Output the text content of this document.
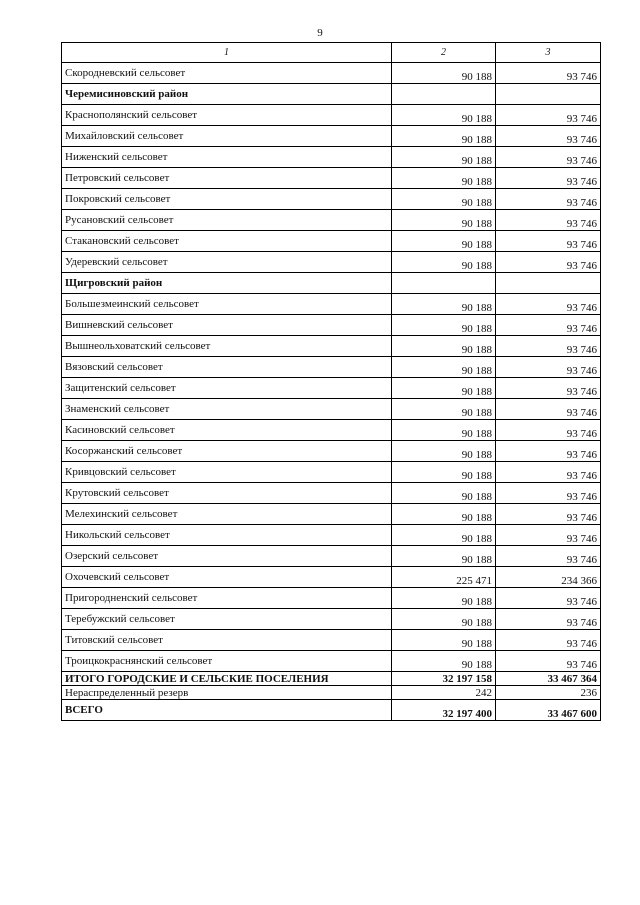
9
1	2	3
Скороднeвский сельсовет	90 188	93 746
Черемисиновский район		
Краснополянский сельсовет	90 188	93 746
Михайловский сельсовет	90 188	93 746
Ниженский сельсовет	90 188	93 746
Петровский сельсовет	90 188	93 746
Покровский сельсовет	90 188	93 746
Русановский сельсовет	90 188	93 746
Стакановский сельсовет	90 188	93 746
Удеревский сельсовет	90 188	93 746
Щигровский район		
Большезмеинский сельсовет	90 188	93 746
Вишневский сельсовет	90 188	93 746
Вышнеольховатский сельсовет	90 188	93 746
Вязовский сельсовет	90 188	93 746
Защитенский сельсовет	90 188	93 746
Знаменский сельсовет	90 188	93 746
Касиновский сельсовет	90 188	93 746
Косоржанский сельсовет	90 188	93 746
Кривцовский сельсовет	90 188	93 746
Крутовский сельсовет	90 188	93 746
Мелехинский сельсовет	90 188	93 746
Никольский сельсовет	90 188	93 746
Озерский сельсовет	90 188	93 746
Охочевский сельсовет	225 471	234 366
Пригородненский сельсовет	90 188	93 746
Теребужский сельсовет	90 188	93 746
Титовский сельсовет	90 188	93 746
Троицкокраснянский сельсовет	90 188	93 746
ИТОГО ГОРОДСКИЕ И СЕЛЬСКИЕ ПОСЕЛЕНИЯ	32 197 158	33 467 364
Нераспределенный резерв	242	236
ВСЕГО	32 197 400	33 467 600
